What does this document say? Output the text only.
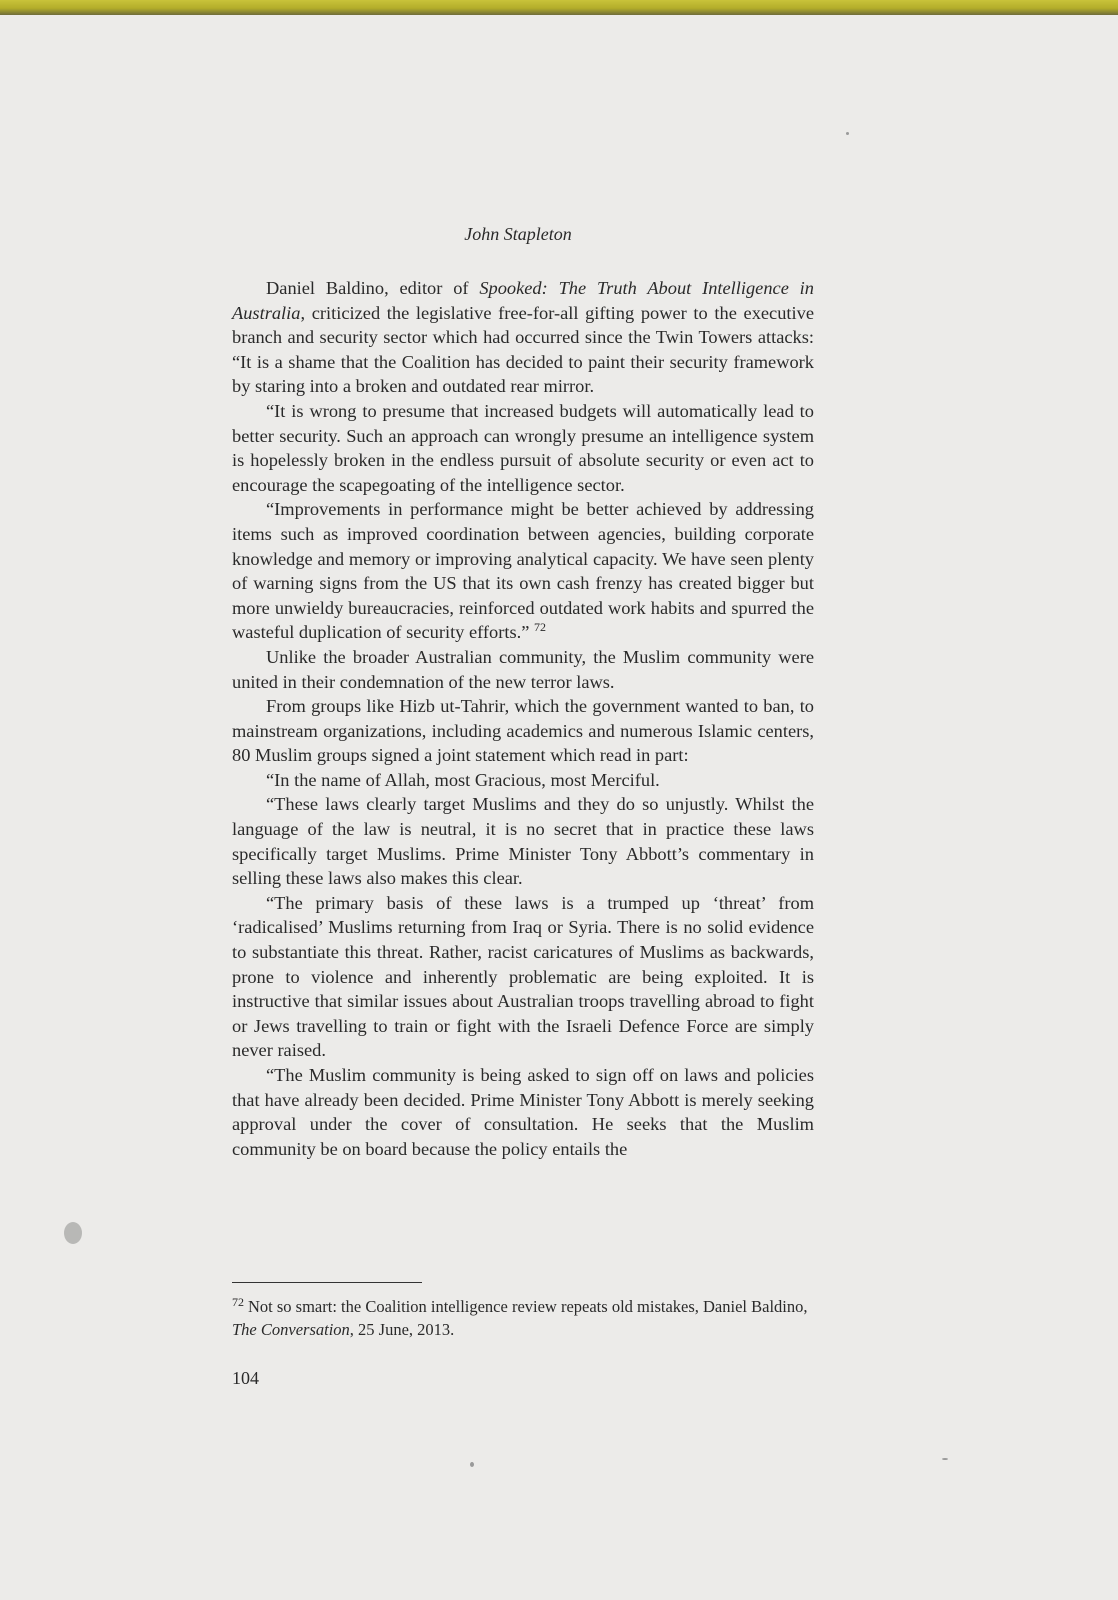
John Stapleton

Daniel Baldino, editor of Spooked: The Truth About Intelligence in Australia, criticized the legislative free-for-all gifting power to the executive branch and security sector which had occurred since the Twin Towers attacks: “It is a shame that the Coalition has decided to paint their security framework by staring into a broken and outdated rear mirror.

“It is wrong to presume that increased budgets will automatically lead to better security. Such an approach can wrongly presume an intelligence system is hopelessly broken in the endless pursuit of absolute security or even act to encourage the scapegoating of the intelligence sector.

“Improvements in performance might be better achieved by addressing items such as improved coordination between agencies, building corporate knowledge and memory or improving analytical capacity. We have seen plenty of warning signs from the US that its own cash frenzy has created bigger but more unwieldy bureaucracies, reinforced outdated work habits and spurred the wasteful duplication of security efforts.” $^{72}$

Unlike the broader Australian community, the Muslim community were united in their condemnation of the new terror laws.

From groups like Hizb ut-Tahrir, which the government wanted to ban, to mainstream organizations, including academics and numerous Islamic centers, 80 Muslim groups signed a joint statement which read in part:

“In the name of Allah, most Gracious, most Merciful.

“These laws clearly target Muslims and they do so unjustly. Whilst the language of the law is neutral, it is no secret that in practice these laws specifically target Muslims. Prime Minister Tony Abbott’s commentary in selling these laws also makes this clear.

“The primary basis of these laws is a trumped up ‘threat’ from ‘radicalised’ Muslims returning from Iraq or Syria. There is no solid evidence to substantiate this threat. Rather, racist caricatures of Muslims as backwards, prone to violence and inherently problematic are being exploited. It is instructive that similar issues about Australian troops travelling abroad to fight or Jews travelling to train or fight with the Israeli Defence Force are simply never raised.

“The Muslim community is being asked to sign off on laws and policies that have already been decided. Prime Minister Tony Abbott is merely seeking approval under the cover of consultation. He seeks that the Muslim community be on board because the policy entails the

$^{72}$ Not so smart: the Coalition intelligence review repeats old mistakes, Daniel Baldino, The Conversation, 25 June, 2013.
104
